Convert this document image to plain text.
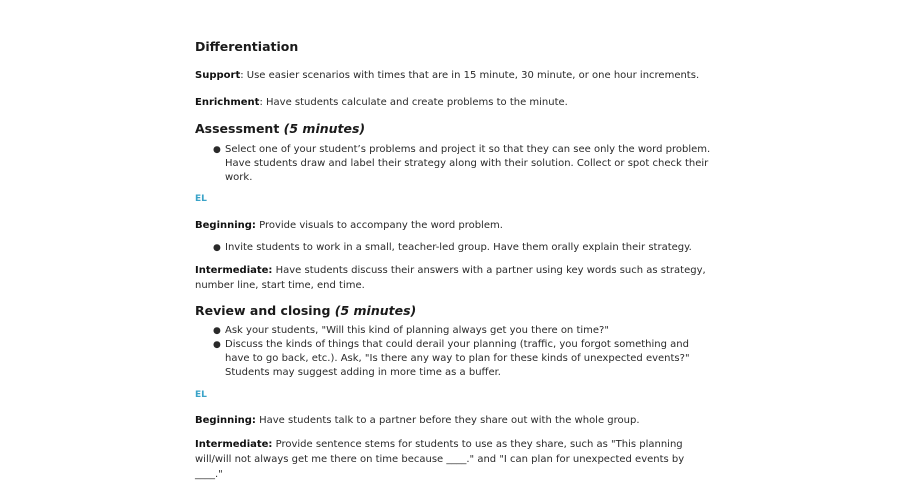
Differentiation

Support: Use easier scenarios with times that are in 15 minute, 30 minute, or one hour increments.

Enrichment: Have students calculate and create problems to the minute.

Assessment (5 minutes)
● Select one of your student’s problems and project it so that they can see only the word problem. Have students draw and label their strategy along with their solution. Collect or spot check their work.
EL

Beginning: Provide visuals to accompany the word problem.

● Invite students to work in a small, teacher-led group. Have them orally explain their strategy.

Intermediate: Have students discuss their answers with a partner using key words such as strategy, number line, start time, end time.

Review and closing (5 minutes)
● Ask your students, "Will this kind of planning always get you there on time?"
● Discuss the kinds of things that could derail your planning (traffic, you forgot something and have to go back, etc.). Ask, "Is there any way to plan for these kinds of unexpected events?" Students may suggest adding in more time as a buffer.
EL

Beginning: Have students talk to a partner before they share out with the whole group.

Intermediate: Provide sentence stems for students to use as they share, such as "This planning will/will not always get me there on time because ____." and "I can plan for unexpected events by ____."
